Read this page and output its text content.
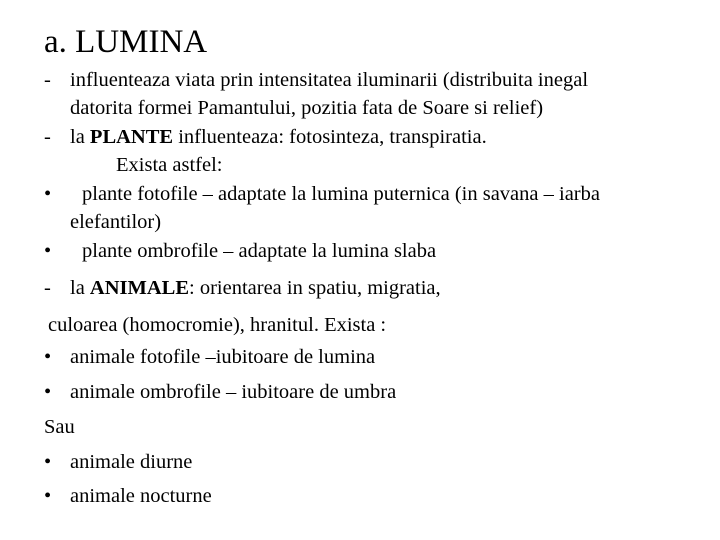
a. LUMINA
- influenteaza viata prin intensitatea iluminarii (distribuita inegal
datorita formei Pamantului, pozitia fata de Soare si relief)
- la PLANTE influenteaza: fotosinteza, transpiratia.
Exista astfel:
• plante fotofile – adaptate la lumina puternica (in savana – iarba
elefantilor)
• plante ombrofile – adaptate la lumina slaba
- la ANIMALE: orientarea in spatiu, migratia,
culoarea (homocromie), hranitul. Exista :
• animale fotofile –iubitoare de lumina
• animale ombrofile – iubitoare de umbra
Sau
• animale diurne
• animale nocturne
